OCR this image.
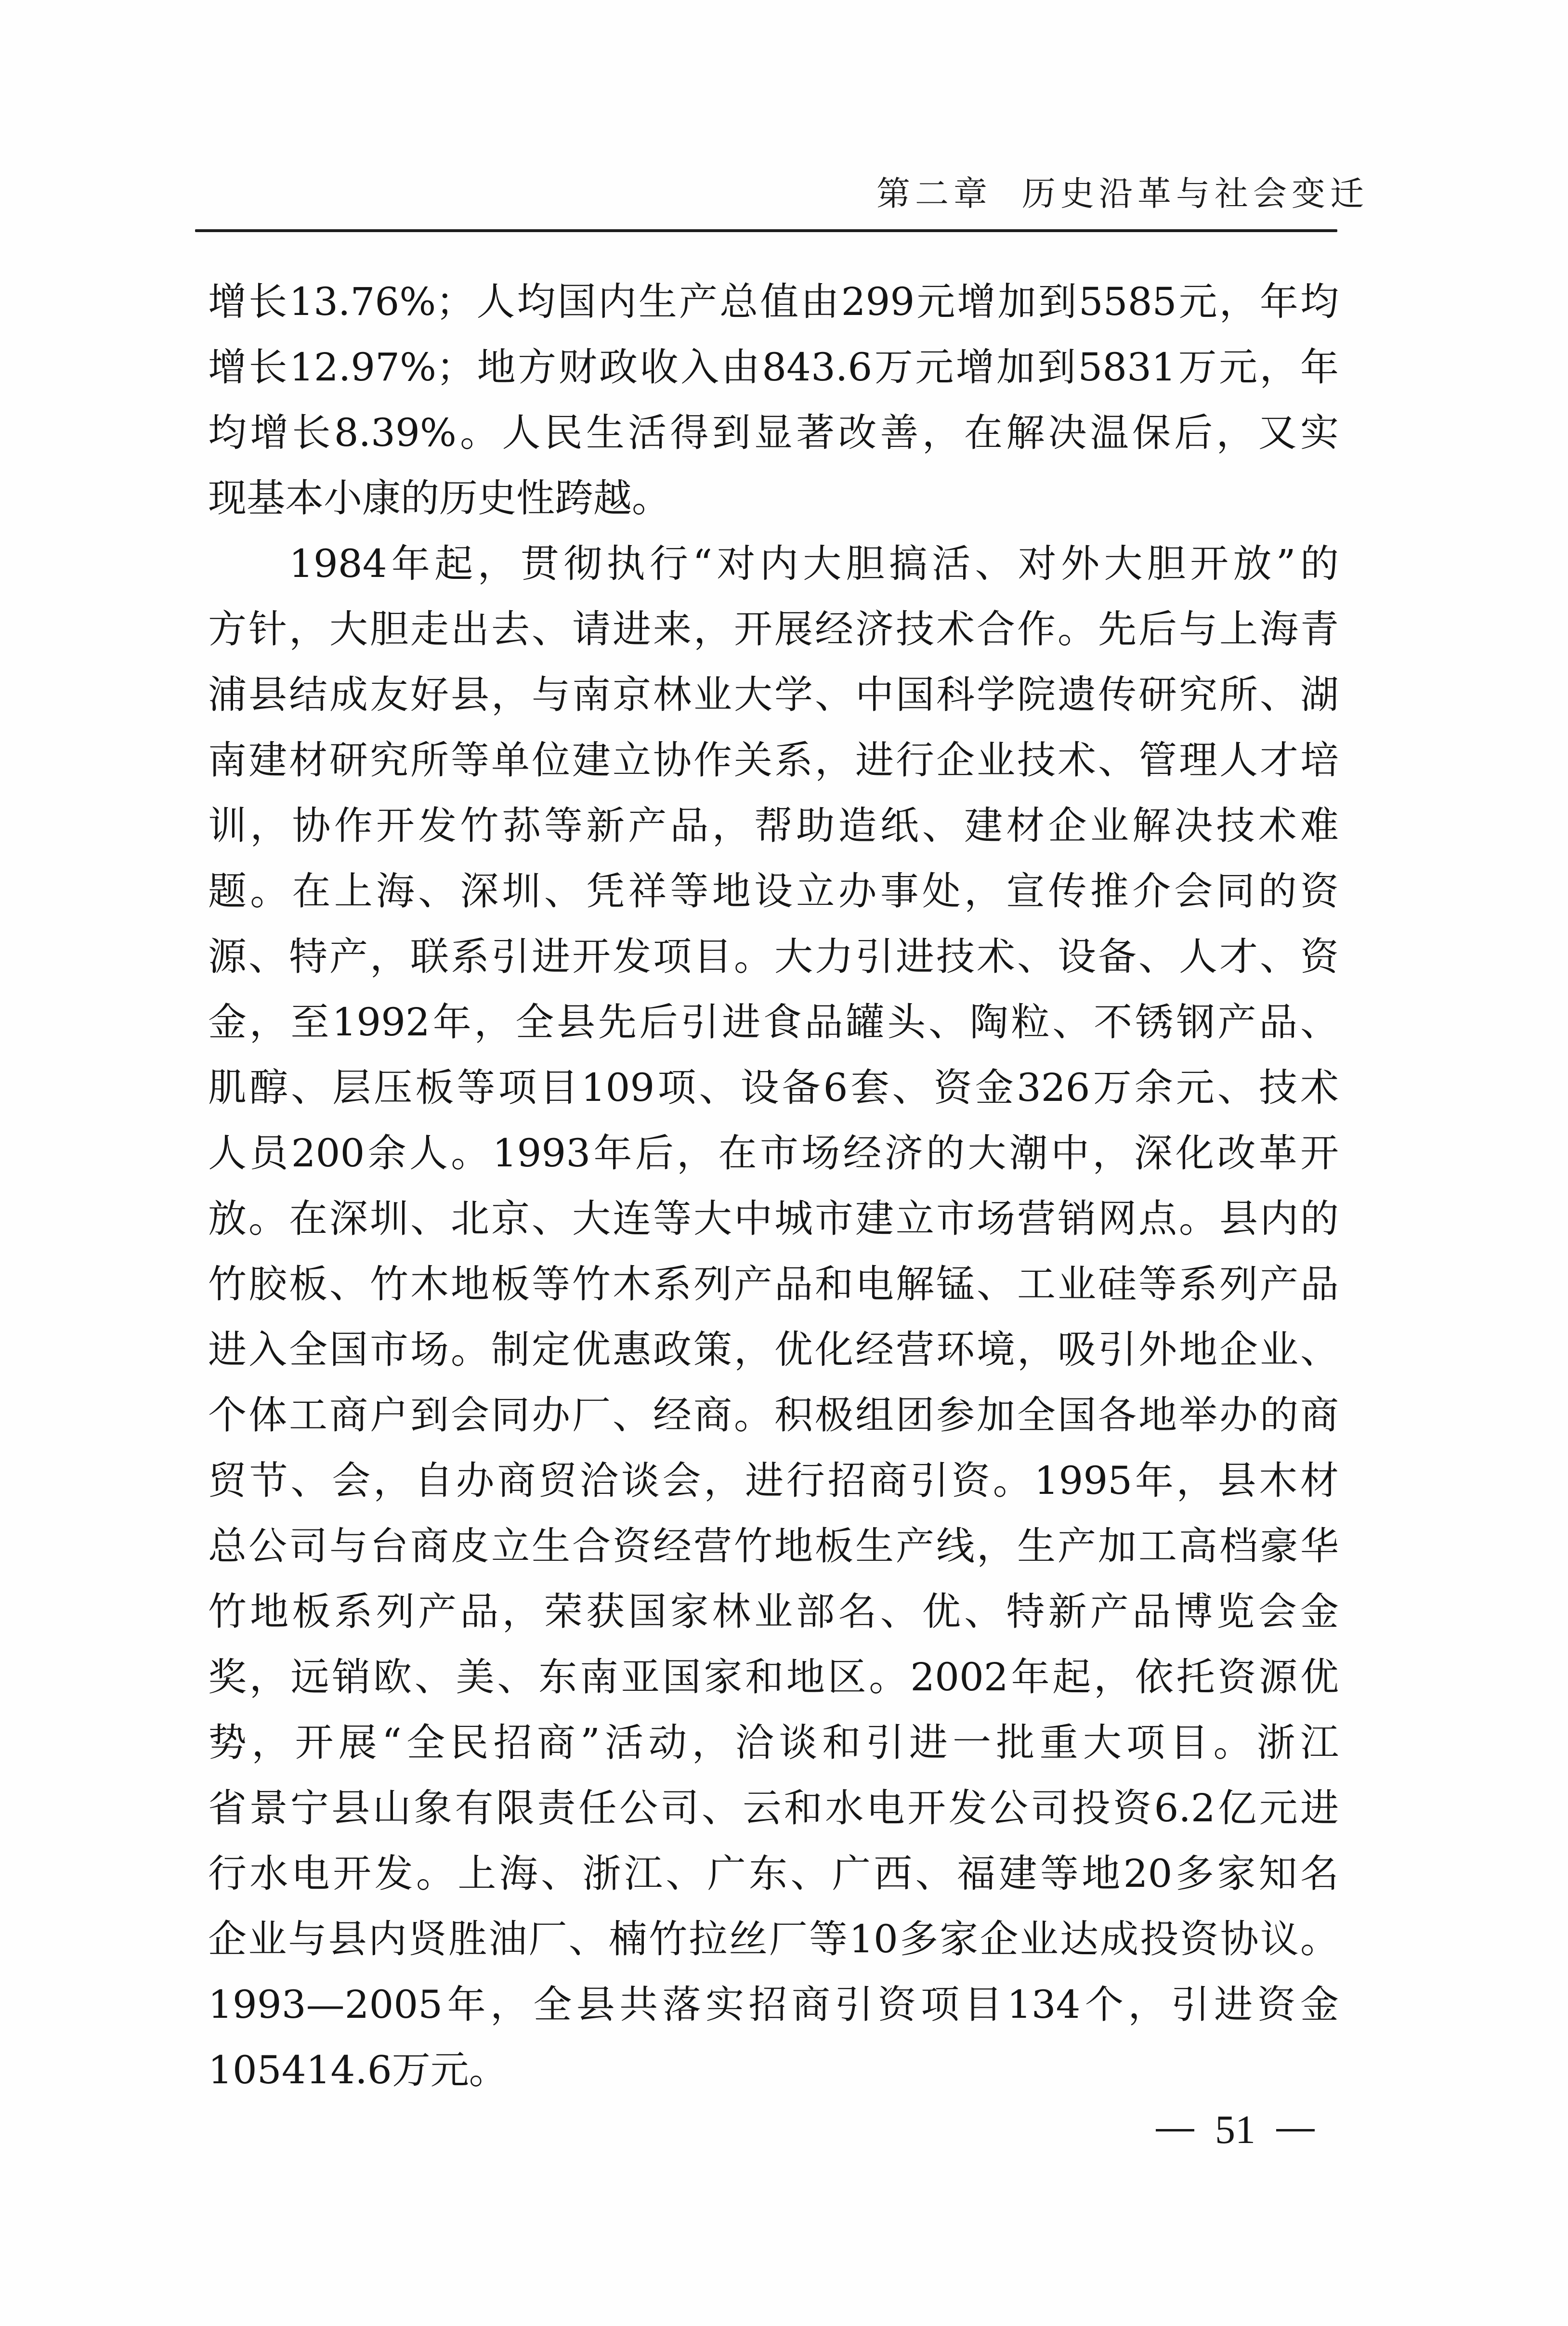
第二章 历史沿革与社会变迁
增长13.76%；人均国内生产总值由299元增加到5585元，年均
增长12.97%；地方财政收入由843.6万元增加到5831万元，年
均增长8.39%。人民生活得到显著改善，在解决温保后，又实
现基本小康的历史性跨越。
1984年起，贯彻执行“对内大胆搞活、对外大胆开放”的
方针，大胆走出去、请进来，开展经济技术合作。先后与上海青
浦县结成友好县，与南京林业大学、中国科学院遗传研究所、湖
南建材研究所等单位建立协作关系，进行企业技术、管理人才培
训，协作开发竹荪等新产品，帮助造纸、建材企业解决技术难
题。在上海、深圳、凭祥等地设立办事处，宣传推介会同的资
源、特产，联系引进开发项目。大力引进技术、设备、人才、资
金，至1992年，全县先后引进食品罐头、陶粒、不锈钢产品、
肌醇、层压板等项目109项、设备6套、资金326万余元、技术
人员200余人。1993年后，在市场经济的大潮中，深化改革开
放。在深圳、北京、大连等大中城市建立市场营销网点。县内的
竹胶板、竹木地板等竹木系列产品和电解锰、工业硅等系列产品
进入全国市场。制定优惠政策，优化经营环境，吸引外地企业、
个体工商户到会同办厂、经商。积极组团参加全国各地举办的商
贸节、会，自办商贸洽谈会，进行招商引资。1995年，县木材
总公司与台商皮立生合资经营竹地板生产线，生产加工高档豪华
竹地板系列产品，荣获国家林业部名、优、特新产品博览会金
奖，远销欧、美、东南亚国家和地区。2002年起，依托资源优
势，开展“全民招商”活动，洽谈和引进一批重大项目。浙江
省景宁县山象有限责任公司、云和水电开发公司投资6.2亿元进
行水电开发。上海、浙江、广东、广西、福建等地20多家知名
企业与县内贤胜油厂、楠竹拉丝厂等10多家企业达成投资协议。
1993—2005年，全县共落实招商引资项目134个，引进资金
105414.6万元。
51
